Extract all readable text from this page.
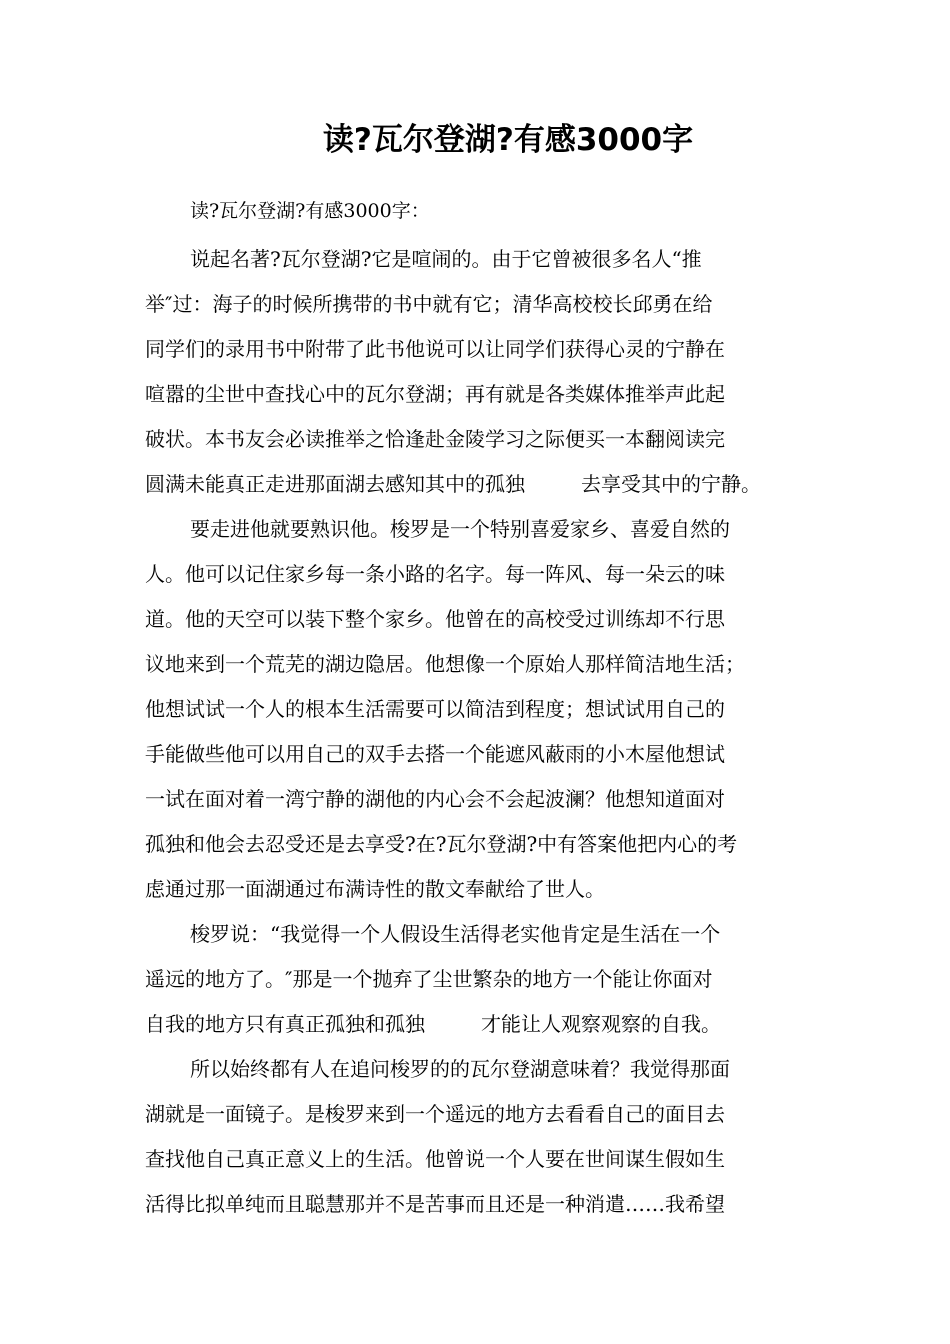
读?瓦尔登湖?有感3000字

读?瓦尔登湖?有感3000字：

说起名著?瓦尔登湖?它是喧闹的。由于它曾被很多名人“推

举″过：海子的时候所携带的书中就有它；清华高校校长邱勇在给

同学们的录用书中附带了此书他说可以让同学们获得心灵的宁静在

喧嚣的尘世中查找心中的瓦尔登湖；再有就是各类媒体推举声此起

破状。本书友会必读推举之恰逢赴金陵学习之际便买一本翻阅读完

圆满未能真正走进那面湖去感知其中的孤独	去享受其中的宁静。

要走进他就要熟识他。梭罗是一个特别喜爱家乡、喜爱自然的

人。他可以记住家乡每一条小路的名字。每一阵风、每一朵云的味

道。他的天空可以装下整个家乡。他曾在的高校受过训练却不行思

议地来到一个荒芜的湖边隐居。他想像一个原始人那样简洁地生活；

他想试试一个人的根本生活需要可以简洁到程度；想试试用自己的

手能做些他可以用自己的双手去搭一个能遮风蔽雨的小木屋他想试

一试在面对着一湾宁静的湖他的内心会不会起波澜？他想知道面对

孤独和他会去忍受还是去享受?在?瓦尔登湖?中有答案他把内心的考

虑通过那一面湖通过布满诗性的散文奉献给了世人。

梭罗说：“我觉得一个人假设生活得老实他肯定是生活在一个

遥远的地方了。″那是一个抛弃了尘世繁杂的地方一个能让你面对

自我的地方只有真正孤独和孤独	才能让人观察观察的自我。

所以始终都有人在追问梭罗的的瓦尔登湖意味着？我觉得那面

湖就是一面镜子。是梭罗来到一个遥远的地方去看看自己的面目去

查找他自己真正意义上的生活。他曾说一个人要在世间谋生假如生

活得比拟单纯而且聪慧那并不是苦事而且还是一种消遣……我希望
